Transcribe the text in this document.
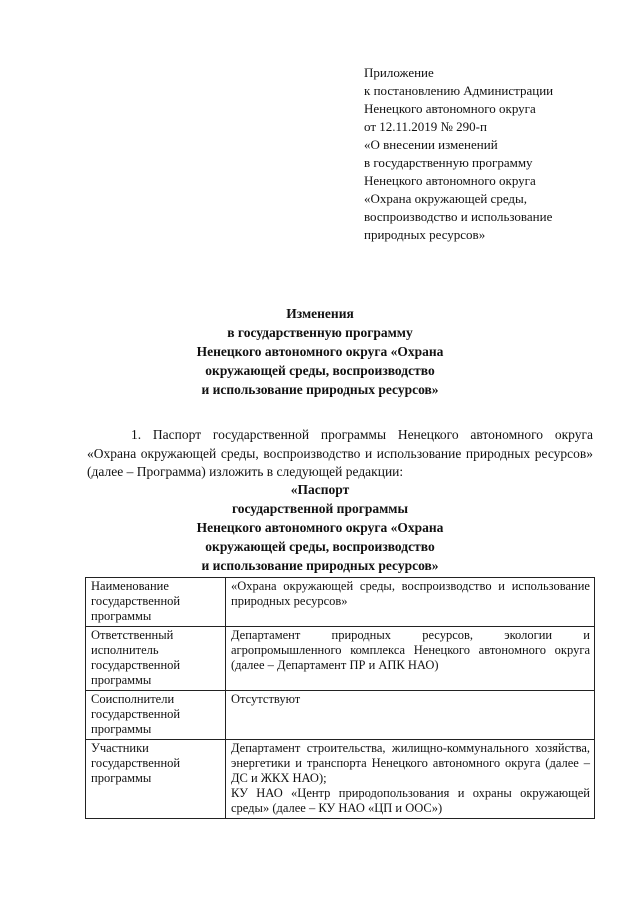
Приложение
к постановлению Администрации
Ненецкого автономного округа
от 12.11.2019 № 290-п
«О внесении изменений
в государственную программу
Ненецкого автономного округа
«Охрана окружающей среды,
воспроизводство и использование
природных ресурсов»
Изменения
в государственную программу
Ненецкого автономного округа «Охрана
окружающей среды, воспроизводство
и использование природных ресурсов»
1. Паспорт государственной программы Ненецкого автономного округа «Охрана окружающей среды, воспроизводство и использование природных ресурсов» (далее – Программа) изложить в следующей редакции:
«Паспорт
государственной программы
Ненецкого автономного округа «Охрана
окружающей среды, воспроизводство
и использование природных ресурсов»
Наименование государственной программы	«Охрана окружающей среды, воспроизводство и использование природных ресурсов»

Ответственный исполнитель государственной программы	Департамент природных ресурсов, экологии и агропромышленного комплекса Ненецкого автономного округа (далее – Департамент ПР и АПК НАО)

Соисполнители государственной программы	Отсутствуют

Участники государственной программы	Департамент строительства, жилищно-коммунального хозяйства, энергетики и транспорта Ненецкого автономного округа (далее – ДС и ЖКХ НАО);
КУ НАО «Центр природопользования и охраны окружающей среды» (далее – КУ НАО «ЦП и ООС»)
